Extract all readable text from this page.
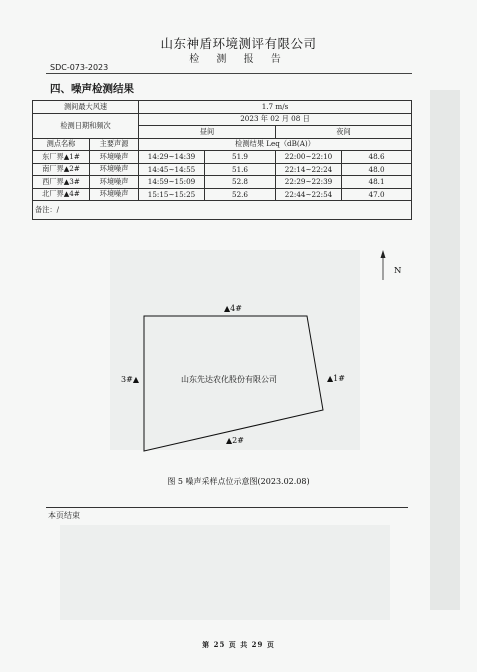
山东神盾环境测评有限公司
检 测 报 告
SDC-073-2023
四、噪声检测结果
测间最大风速		1.7 m/s			
检测日期和频次		2023 年 02 月 08 日			
		昼间		夜间	
测点名称	主要声源	检测结果 Leq（dB(A)）			
东厂界▲1#	环境噪声	14:29~14:39	51.9	22:00~22:10	48.6
南厂界▲2#	环境噪声	14:45~14:55	51.6	22:14~22:24	48.0
西厂界▲3#	环境噪声	14:59~15:09	52.8	22:29~22:39	48.1
北厂界▲4#	环境噪声	15:15~15:25	52.6	22:44~22:54	47.0
备注：/					
N
山东先达农化股份有限公司
▲4#
▲1#
3#▲
▲2#
图 5 噪声采样点位示意图(2023.02.08)
本页结束
第 25 页 共 29 页
